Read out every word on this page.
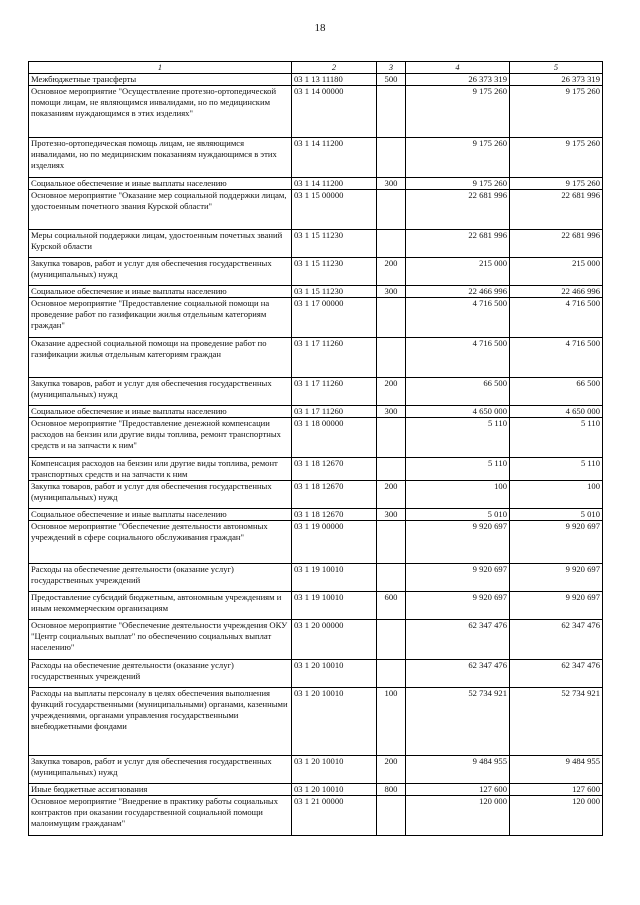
18
1	2	3	4	5
Межбюджетные трансферты	03 1 13 11180	500	26 373 319	26 373 319
Основное мероприятие "Осуществление протезно-ортопедической помощи лицам, не являющимся инвалидами, но по медицинским показаниям нуждающимся в этих изделиях"	03 1 14 00000		9 175 260	9 175 260
Протезно-ортопедическая помощь лицам, не являющимся инвалидами, но по медицинским показаниям нуждающимся в этих изделиях	03 1 14 11200		9 175 260	9 175 260
Социальное обеспечение и иные выплаты населению	03 1 14 11200	300	9 175 260	9 175 260
Основное мероприятие "Оказание мер социальной поддержки лицам, удостоенным почетного звания Курской области"	03 1 15 00000		22 681 996	22 681 996
Меры социальной поддержки лицам, удостоенным почетных званий Курской области	03 1 15 11230		22 681 996	22 681 996
Закупка товаров, работ и услуг для обеспечения государственных (муниципальных) нужд	03 1 15 11230	200	215 000	215 000
Социальное обеспечение и иные выплаты населению	03 1 15 11230	300	22 466 996	22 466 996
Основное мероприятие "Предоставление социальной помощи на проведение работ по газификации жилья отдельным категориям граждан"	03 1 17 00000		4 716 500	4 716 500
Оказание адресной социальной помощи на проведение работ по газификации жилья отдельным категориям граждан	03 1 17 11260		4 716 500	4 716 500
Закупка товаров, работ и услуг для обеспечения государственных (муниципальных) нужд	03 1 17 11260	200	66 500	66 500
Социальное обеспечение и иные выплаты населению	03 1 17 11260	300	4 650 000	4 650 000
Основное мероприятие "Предоставление денежной компенсации расходов на бензин или другие виды топлива, ремонт транспортных средств и на запчасти к ним"	03 1 18 00000		5 110	5 110
Компенсация расходов на бензин или другие виды топлива, ремонт транспортных средств и на запчасти к ним	03 1 18 12670		5 110	5 110
Закупка товаров, работ и услуг для обеспечения государственных (муниципальных) нужд	03 1 18 12670	200	100	100
Социальное обеспечение и иные выплаты населению	03 1 18 12670	300	5 010	5 010
Основное мероприятие "Обеспечение деятельности автономных учреждений в сфере социального обслуживания граждан"	03 1 19 00000		9 920 697	9 920 697
Расходы на обеспечение деятельности (оказание услуг) государственных учреждений	03 1 19 10010		9 920 697	9 920 697
Предоставление субсидий бюджетным, автономным учреждениям и иным некоммерческим организациям	03 1 19 10010	600	9 920 697	9 920 697
Основное мероприятие "Обеспечение деятельности учреждения ОКУ "Центр социальных выплат" по обеспечению социальных выплат населению"	03 1 20 00000		62 347 476	62 347 476
Расходы на обеспечение деятельности (оказание услуг) государственных учреждений	03 1 20 10010		62 347 476	62 347 476
Расходы на выплаты персоналу в целях обеспечения выполнения функций государственными (муниципальными) органами, казенными учреждениями, органами управления государственными внебюджетными фондами	03 1 20 10010	100	52 734 921	52 734 921
Закупка товаров, работ и услуг для обеспечения государственных (муниципальных) нужд	03 1 20 10010	200	9 484 955	9 484 955
Иные бюджетные ассигнования	03 1 20 10010	800	127 600	127 600
Основное мероприятие "Внедрение в практику работы социальных контрактов при оказании государственной социальной помощи малоимущим гражданам"	03 1 21 00000		120 000	120 000
